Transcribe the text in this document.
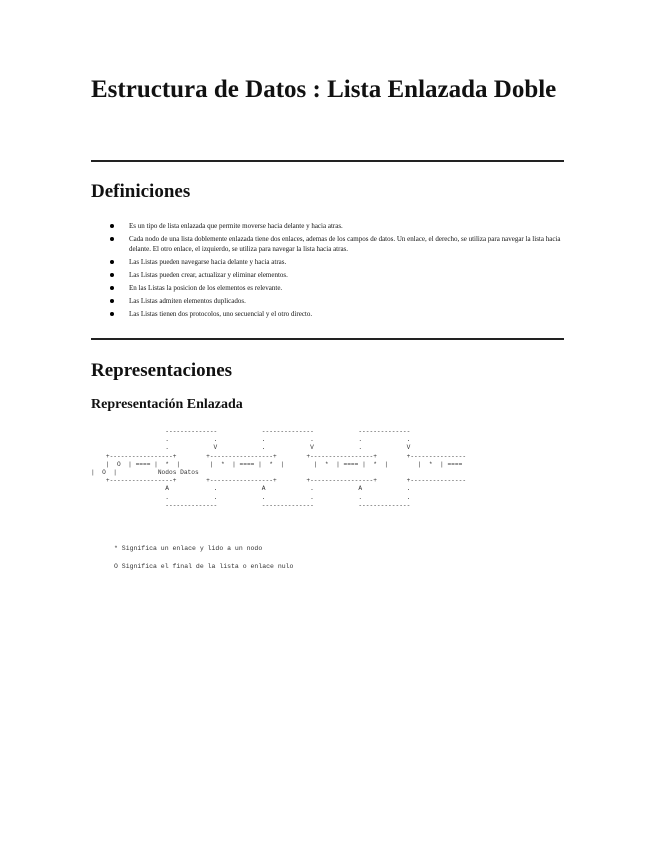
Estructura de Datos : Lista Enlazada Doble
Definiciones
Es un tipo de lista enlazada que permite moverse hacia delante y hacia atras.
Cada nodo de una lista doblemente enlazada tiene dos enlaces, ademas de los campos de datos. Un enlace, el derecho, se utiliza para navegar la lista hacia delante. El otro enlace, el izquierdo, se utiliza para navegar la lista hacia atras.
Las Listas pueden navegarse hacia delante y hacia atras.
Las Listas pueden crear, actualizar y eliminar elementos.
En las Listas la posicion de los elementos es relevante.
Las Listas admiten elementos duplicados.
Las Listas tienen dos protocolos, uno secuencial y el otro directo.
Representaciones
Representación Enlazada
--------------            --------------            --------------
.            .            .            .            .            .
.            V            .            V            .            V
+-----------------+        +-----------------+        +-----------------+        +---------------
|  O  | ==== |  *  |        |  *  | ==== |  *  |        |  *  | ==== |  *  |        |  *  | ====
|  O  |           Nodos Datos
+-----------------+        +-----------------+        +-----------------+        +---------------
A            .            A            .            A            .
.            .            .            .            .            .
--------------            --------------            --------------
* Significa un enlace y lido a un nodo
O Significa el final de la lista o enlace nulo
